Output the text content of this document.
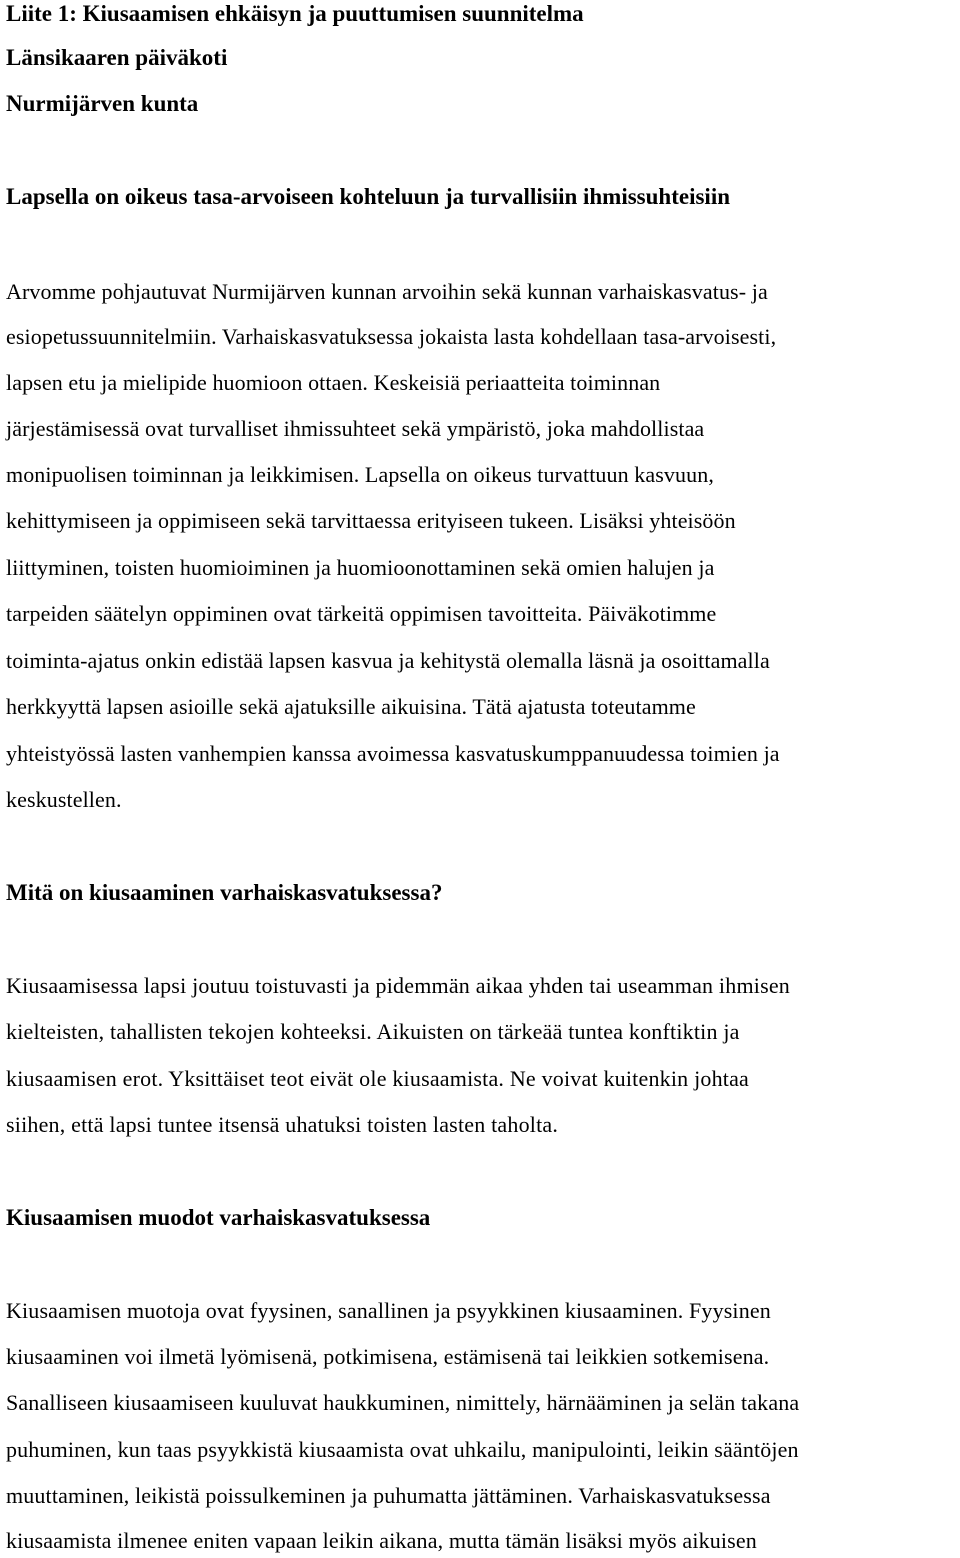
Liite 1: Kiusaamisen ehkäisyn ja puuttumisen suunnitelma
Länsikaaren päiväkoti
Nurmijärven kunta
Lapsella on oikeus tasa-arvoiseen kohteluun ja turvallisiin ihmissuhteisiin

Arvomme pohjautuvat Nurmijärven kunnan arvoihin sekä kunnan varhaiskasvatus- ja

esiopetussuunnitelmiin. Varhaiskasvatuksessa jokaista lasta kohdellaan tasa-arvoisesti,

lapsen etu ja mielipide huomioon ottaen. Keskeisiä periaatteita toiminnan

järjestämisessä ovat turvalliset ihmissuhteet sekä ympäristö, joka mahdollistaa

monipuolisen toiminnan ja leikkimisen. Lapsella on oikeus turvattuun kasvuun,

kehittymiseen ja oppimiseen sekä tarvittaessa erityiseen tukeen. Lisäksi yhteisöön

liittyminen, toisten huomioiminen ja huomioonottaminen sekä omien halujen ja

tarpeiden säätelyn oppiminen ovat tärkeitä oppimisen tavoitteita. Päiväkotimme

toiminta-ajatus onkin edistää lapsen kasvua ja kehitystä olemalla läsnä ja osoittamalla

herkkyyttä lapsen asioille sekä ajatuksille aikuisina. Tätä ajatusta toteutamme

yhteistyössä lasten vanhempien kanssa avoimessa kasvatuskumppanuudessa toimien ja

keskustellen.

Mitä on kiusaaminen varhaiskasvatuksessa?

Kiusaamisessa lapsi joutuu toistuvasti ja pidemmän aikaa yhden tai useamman ihmisen

kielteisten, tahallisten tekojen kohteeksi. Aikuisten on tärkeää tuntea konftiktin ja

kiusaamisen erot. Yksittäiset teot eivät ole kiusaamista. Ne voivat kuitenkin johtaa

siihen, että lapsi tuntee itsensä uhatuksi toisten lasten taholta.

Kiusaamisen muodot varhaiskasvatuksessa

Kiusaamisen muotoja ovat fyysinen, sanallinen ja psyykkinen kiusaaminen. Fyysinen

kiusaaminen voi ilmetä lyömisenä, potkimisena, estämisenä tai leikkien sotkemisena.

Sanalliseen kiusaamiseen kuuluvat haukkuminen, nimittely, härnääminen ja selän takana

puhuminen, kun taas psyykkistä kiusaamista ovat uhkailu, manipulointi, leikin sääntöjen

muuttaminen, leikistä poissulkeminen ja puhumatta jättäminen. Varhaiskasvatuksessa

kiusaamista ilmenee eniten vapaan leikin aikana, mutta tämän lisäksi myös aikuisen
